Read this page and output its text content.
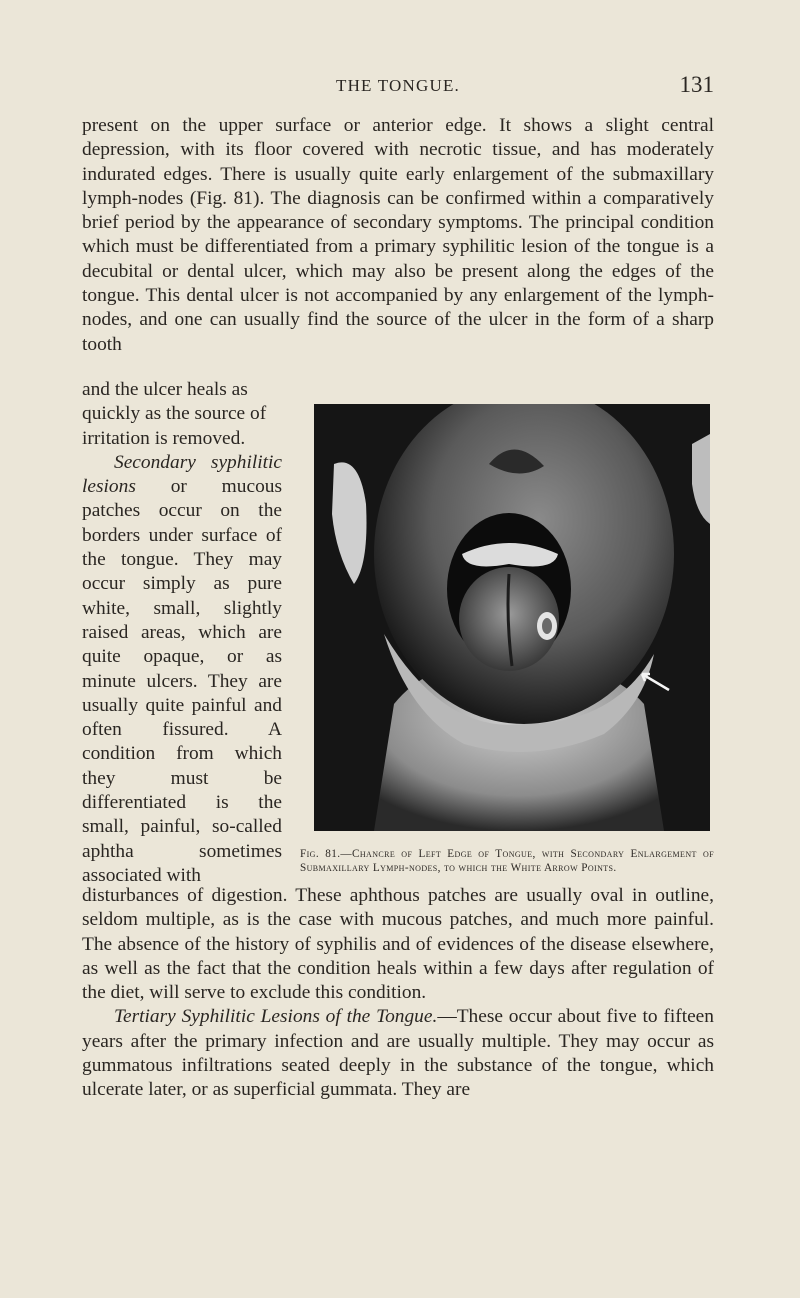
THE TONGUE.	131

present on the upper surface or anterior edge. It shows a slight central depression, with its floor covered with necrotic tissue, and has moderately indurated edges. There is usually quite early enlargement of the submaxillary lymph-nodes (Fig. 81). The diagnosis can be confirmed within a comparatively brief period by the appearance of secondary symptoms. The principal condition which must be differentiated from a primary syphilitic lesion of the tongue is a decubital or dental ulcer, which may also be present along the edges of the tongue. This dental ulcer is not accompanied by any enlargement of the lymph-nodes, and one can usually find the source of the ulcer in the form of a sharp tooth

and the ulcer heals as

quickly as the source of

irritation is removed.

Secondary syphilitic lesions or mucous patches occur on the borders under surface of the tongue. They may occur simply as pure white, small, slightly raised areas, which are quite opaque, or as minute ulcers. They are usually quite painful and often fissured. A condition from which they must be differentiated is the small, painful, so-called aphtha sometimes associated with

Fig. 81.—Chancre of Left Edge of Tongue, with Secondary Enlargement of Submaxillary Lymph-nodes, to which the White Arrow Points.

disturbances of digestion. These aphthous patches are usually oval in outline, seldom multiple, as is the case with mucous patches, and much more painful. The absence of the history of syphilis and of evidences of the disease elsewhere, as well as the fact that the condition heals within a few days after regulation of the diet, will serve to exclude this condition.

Tertiary Syphilitic Lesions of the Tongue.—These occur about five to fifteen years after the primary infection and are usually multiple. They may occur as gummatous infiltrations seated deeply in the substance of the tongue, which ulcerate later, or as superficial gummata. They are
